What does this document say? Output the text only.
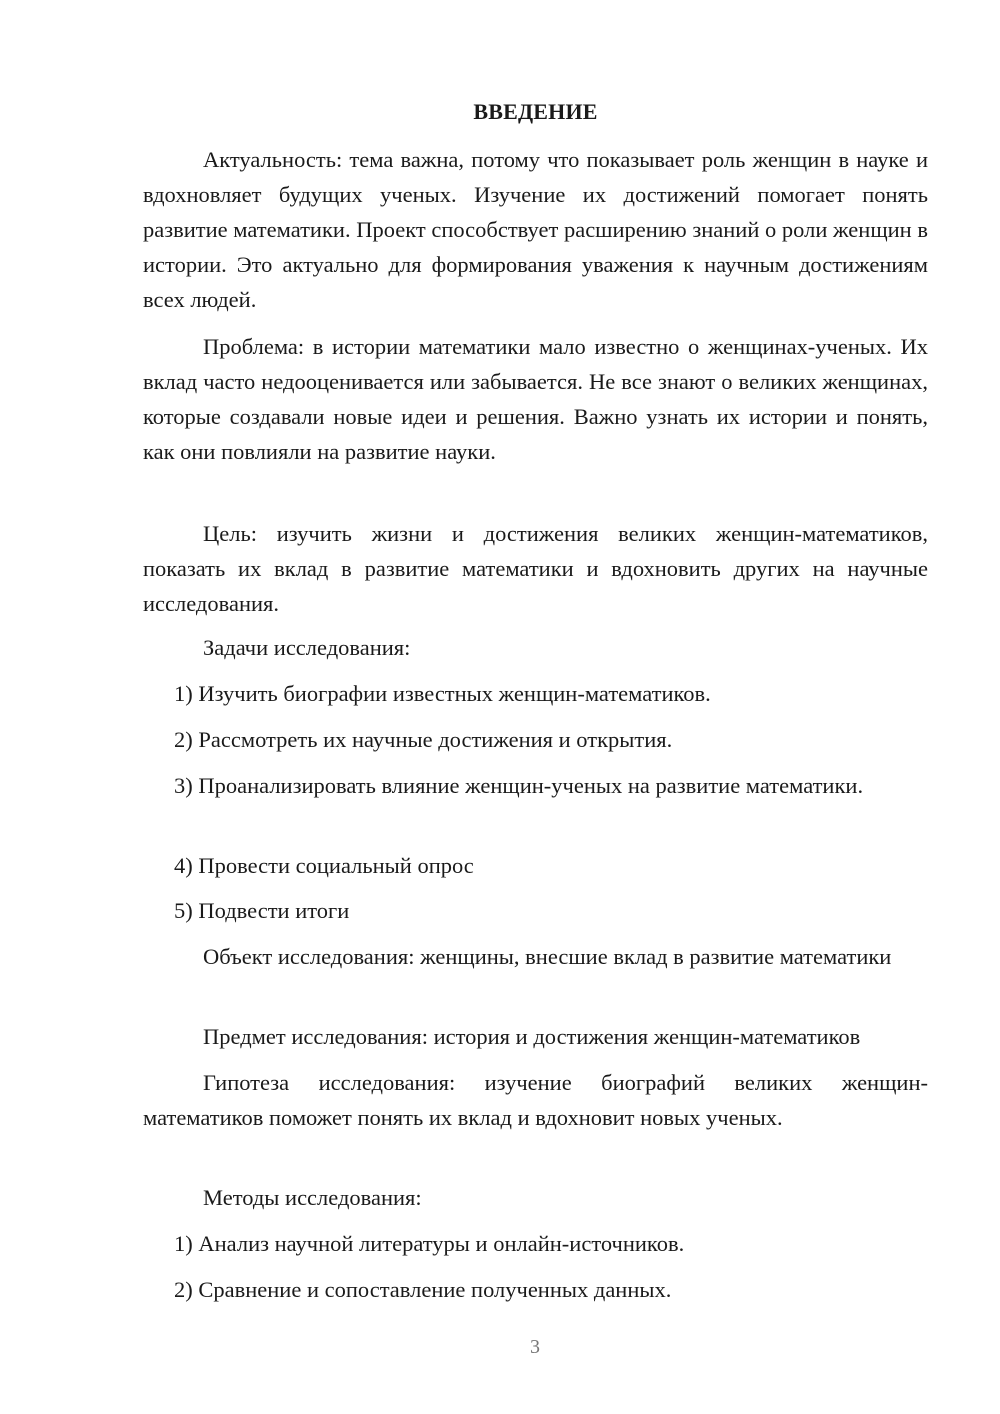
ВВЕДЕНИЕ

Актуальность: тема важна, потому что показывает роль женщин в науке и вдохновляет будущих ученых. Изучение их достижений помогает понять развитие математики. Проект способствует расширению знаний о роли женщин в истории. Это актуально для формирования уважения к научным достижениям всех людей.

Проблема: в истории математики мало известно о женщинах-ученых. Их вклад часто недооценивается или забывается. Не все знают о великих женщинах, которые создавали новые идеи и решения. Важно узнать их истории и понять, как они повлияли на развитие науки.

Цель: изучить жизни и достижения великих женщин-математиков, показать их вклад в развитие математики и вдохновить других на научные исследования.

Задачи исследования:

1) Изучить биографии известных женщин-математиков.

2) Рассмотреть их научные достижения и открытия.

3) Проанализировать влияние женщин-ученых на развитие математики.

4) Провести социальный опрос

5) Подвести итоги

Объект исследования: женщины, внесшие вклад в развитие математики

Предмет исследования: история и достижения женщин-математиков

Гипотеза исследования: изучение биографий великих женщин-математиков поможет понять их вклад и вдохновит новых ученых.

Методы исследования:

1) Анализ научной литературы и онлайн-источников.

2) Сравнение и сопоставление полученных данных.

3
